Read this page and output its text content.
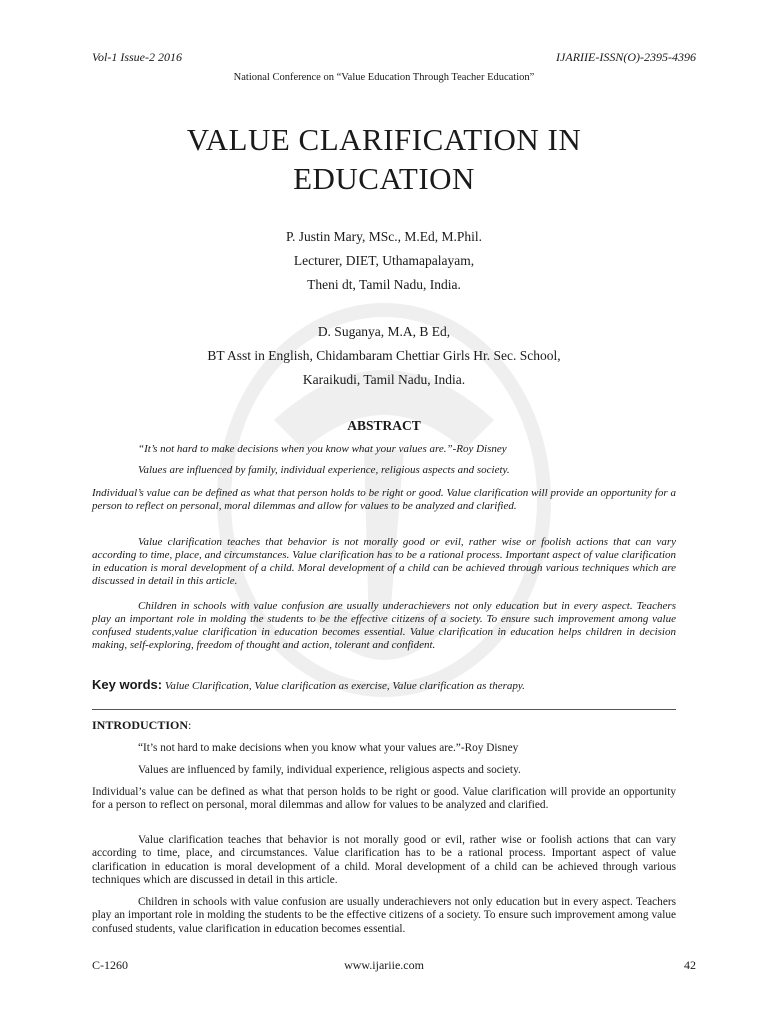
Vol-1 Issue-2 2016	IJARIIE-ISSN(O)-2395-4396
National Conference on “Value Education Through Teacher Education”
VALUE CLARIFICATION IN
EDUCATION
P. Justin Mary, MSc., M.Ed, M.Phil.
Lecturer, DIET, Uthamapalayam,
Theni dt, Tamil Nadu, India.
D. Suganya, M.A, B Ed,
BT Asst in English, Chidambaram Chettiar Girls Hr. Sec. School,
Karaikudi, Tamil Nadu, India.
ABSTRACT

“It’s not hard to make decisions when you know what your values are.”-Roy Disney

Values are influenced by family, individual experience, religious aspects and society.

Individual’s value can be defined as what that person holds to be right or good. Value clarification will provide an opportunity for a person to reflect on personal, moral dilemmas and allow for values to be analyzed and clarified.

Value clarification teaches that behavior is not morally good or evil, rather wise or foolish actions that can vary according to time, place, and circumstances. Value clarification has to be a rational process. Important aspect of value clarification in education is moral development of a child. Moral development of a child can be achieved through various techniques which are discussed in detail in this article.

Children in schools with value confusion are usually underachievers not only education but in every aspect. Teachers play an important role in molding the students to be the effective citizens of a society. To ensure such improvement among value confused students,value clarification in education becomes essential. Value clarification in education helps children in decision making, self-exploring, freedom of thought and action, tolerant and confident.

Key words: Value Clarification, Value clarification as exercise, Value clarification as therapy.
INTRODUCTION:

“It’s not hard to make decisions when you know what your values are.”-Roy Disney

Values are influenced by family, individual experience, religious aspects and society.

Individual’s value can be defined as what that person holds to be right or good. Value clarification will provide an opportunity for a person to reflect on personal, moral dilemmas and allow for values to be analyzed and clarified.

Value clarification teaches that behavior is not morally good or evil, rather wise or foolish actions that can vary according to time, place, and circumstances. Value clarification has to be a rational process. Important aspect of value clarification in education is moral development of a child. Moral development of a child can be achieved through various techniques which are discussed in detail in this article.

Children in schools with value confusion are usually underachievers not only education but in every aspect. Teachers play an important role in molding the students to be the effective citizens of a society. To ensure such improvement among value confused students, value clarification in education becomes essential.

C-1260	www.ijariie.com	42
